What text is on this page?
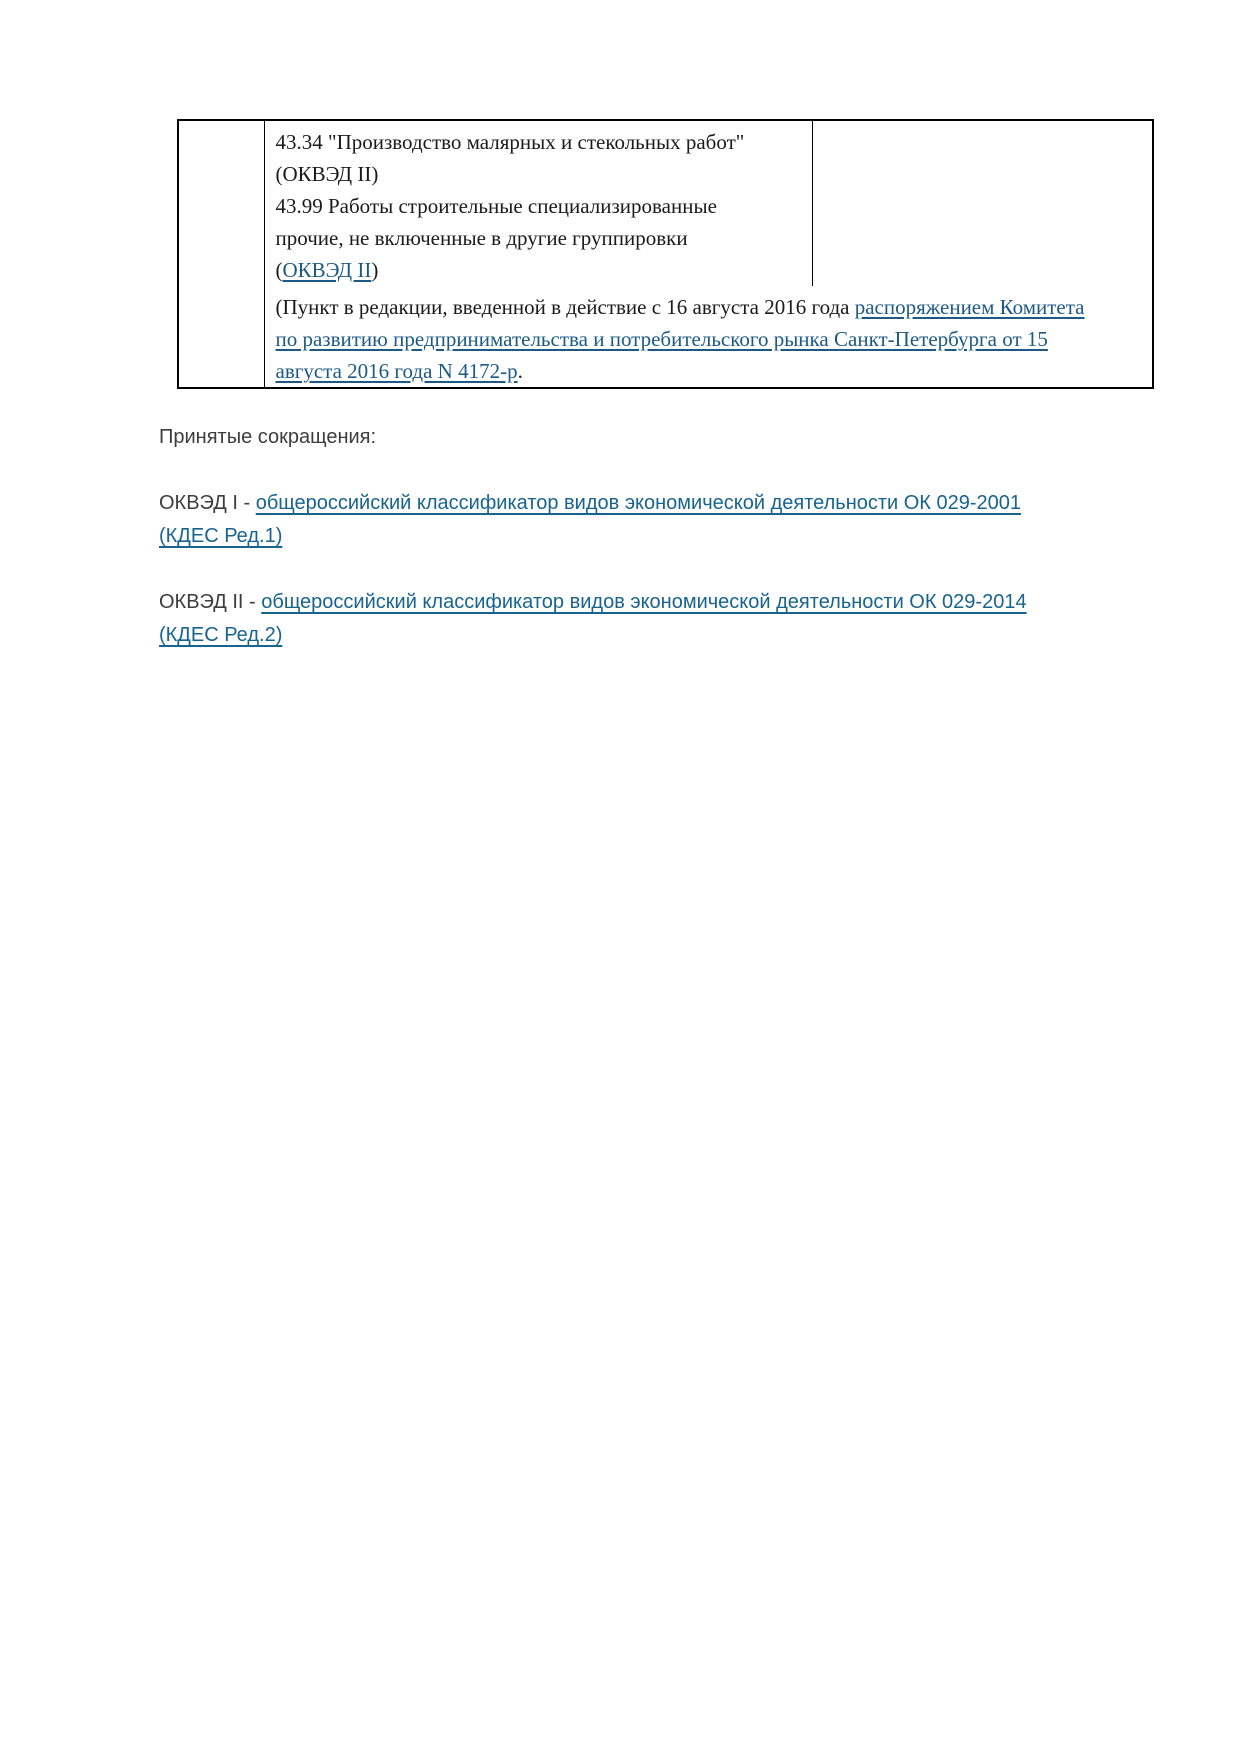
	43.34 "Производство малярных и стекольных работ"
(ОКВЭД II)
43.99 Работы строительные специализированные
прочие, не включенные в другие группировки
(ОКВЭД II)	

	(Пункт в редакции, введенной в действие с 16 августа 2016 года распоряжением Комитета
по развитию предпринимательства и потребительского рынка Санкт-Петербурга от 15
августа 2016 года N 4172-р.	

Принятые сокращения:

ОКВЭД I - общероссийский классификатор видов экономической деятельности ОК 029-2001
(КДЕС Ред.1)

ОКВЭД II - общероссийский классификатор видов экономической деятельности ОК 029-2014
(КДЕС Ред.2)
